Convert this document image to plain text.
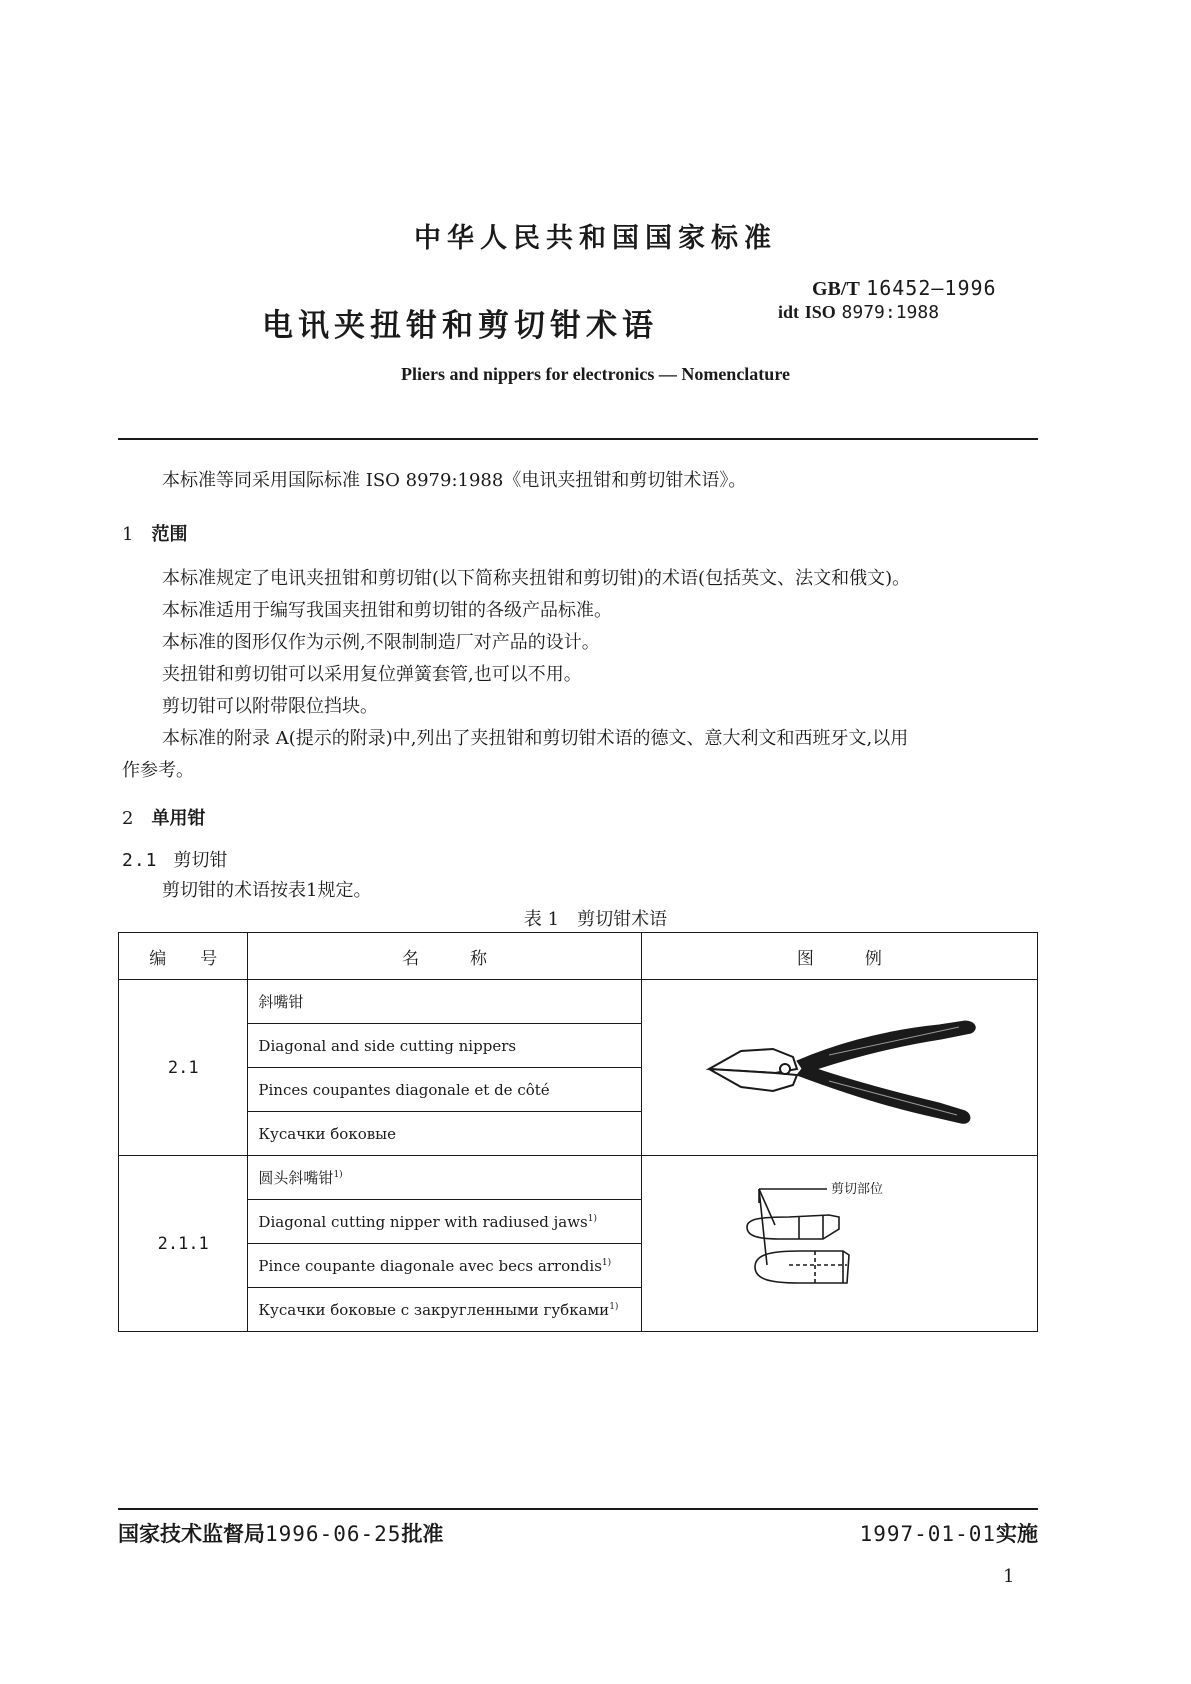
中华人民共和国国家标准
GB/T 16452—1996
idt ISO 8979:1988
电讯夹扭钳和剪切钳术语
Pliers and nippers for electronics — Nomenclature
本标准等同采用国际标准 ISO 8979:1988《电讯夹扭钳和剪切钳术语》。
1 范围
本标准规定了电讯夹扭钳和剪切钳(以下简称夹扭钳和剪切钳)的术语(包括英文、法文和俄文)。
本标准适用于编写我国夹扭钳和剪切钳的各级产品标准。
本标准的图形仅作为示例,不限制制造厂对产品的设计。
夹扭钳和剪切钳可以采用复位弹簧套管,也可以不用。
剪切钳可以附带限位挡块。
本标准的附录 A(提示的附录)中,列出了夹扭钳和剪切钳术语的德文、意大利文和西班牙文,以用
作参考。
2 单用钳
2.1 剪切钳
剪切钳的术语按表1规定。
表 1　剪切钳术语
编　　号	名　　　称	图　　　例
2.1	斜嘴钳	
	Diagonal and side cutting nippers	
	Pinces coupantes diagonale et de côté	
	Кусачки боковые	
2.1.1	圆头斜嘴钳$^{1)}$	剪切部位

	Diagonal cutting nipper with radiused jaws$^{1)}$
	Pince coupante diagonale avec becs arrondis$^{1)}$
	Кусачки боковые с закругленными губками$^{1)}$
国家技术监督局1996-06-25批准	1997-01-01实施
1
